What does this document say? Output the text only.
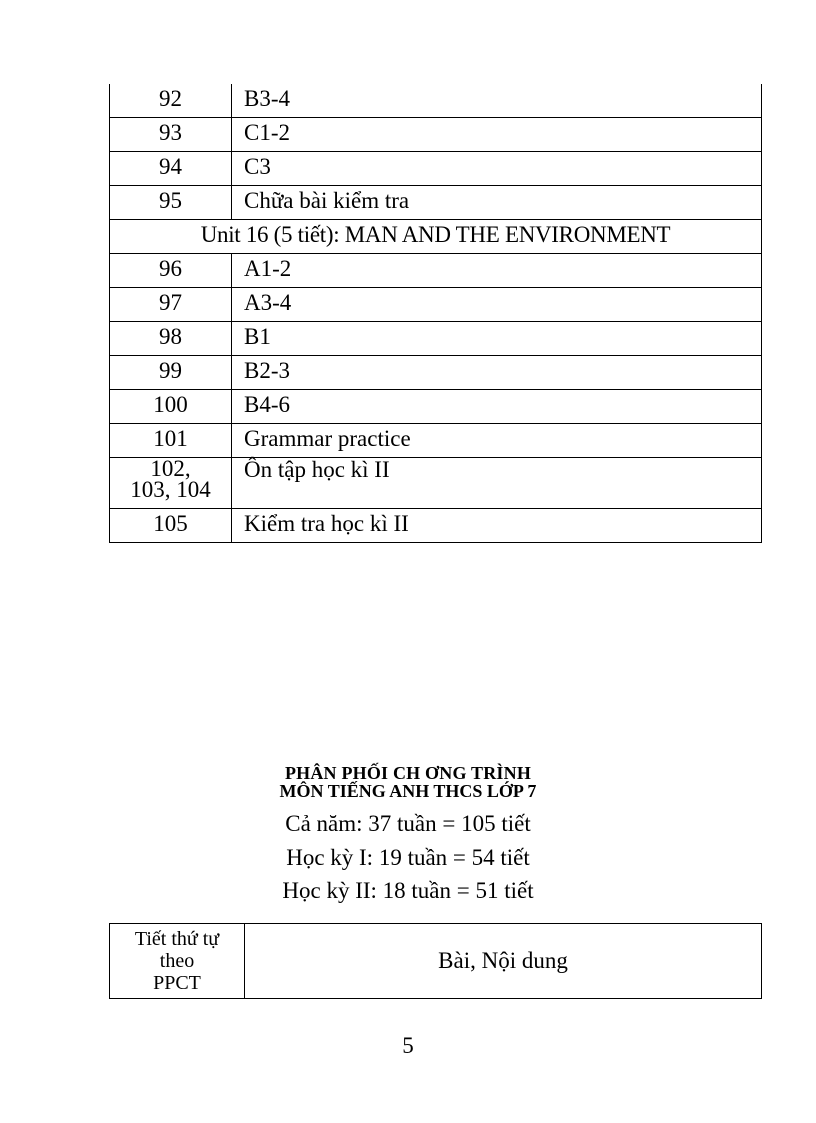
92	B3-4
93	C1-2
94	C3
95	Chữa bài kiểm tra
Unit 16 (5 tiết): MAN AND THE ENVIRONMENT	
96	A1-2
97	A3-4
98	B1
99	B2-3
100	B4-6
101	Grammar practice

102,
103, 104	Ôn tập học kì II
105	Kiểm tra học kì II
PHÂN PHỐI CH ƠNG TRÌNH
MÔN TIẾNG ANH THCS LỚP 7
Cả năm: 37 tuần = 105 tiết
Học kỳ I: 19 tuần = 54 tiết
Học kỳ II: 18 tuần = 51 tiết
Tiết thứ tự
theo
PPCT
	Bài, Nội dung
5
